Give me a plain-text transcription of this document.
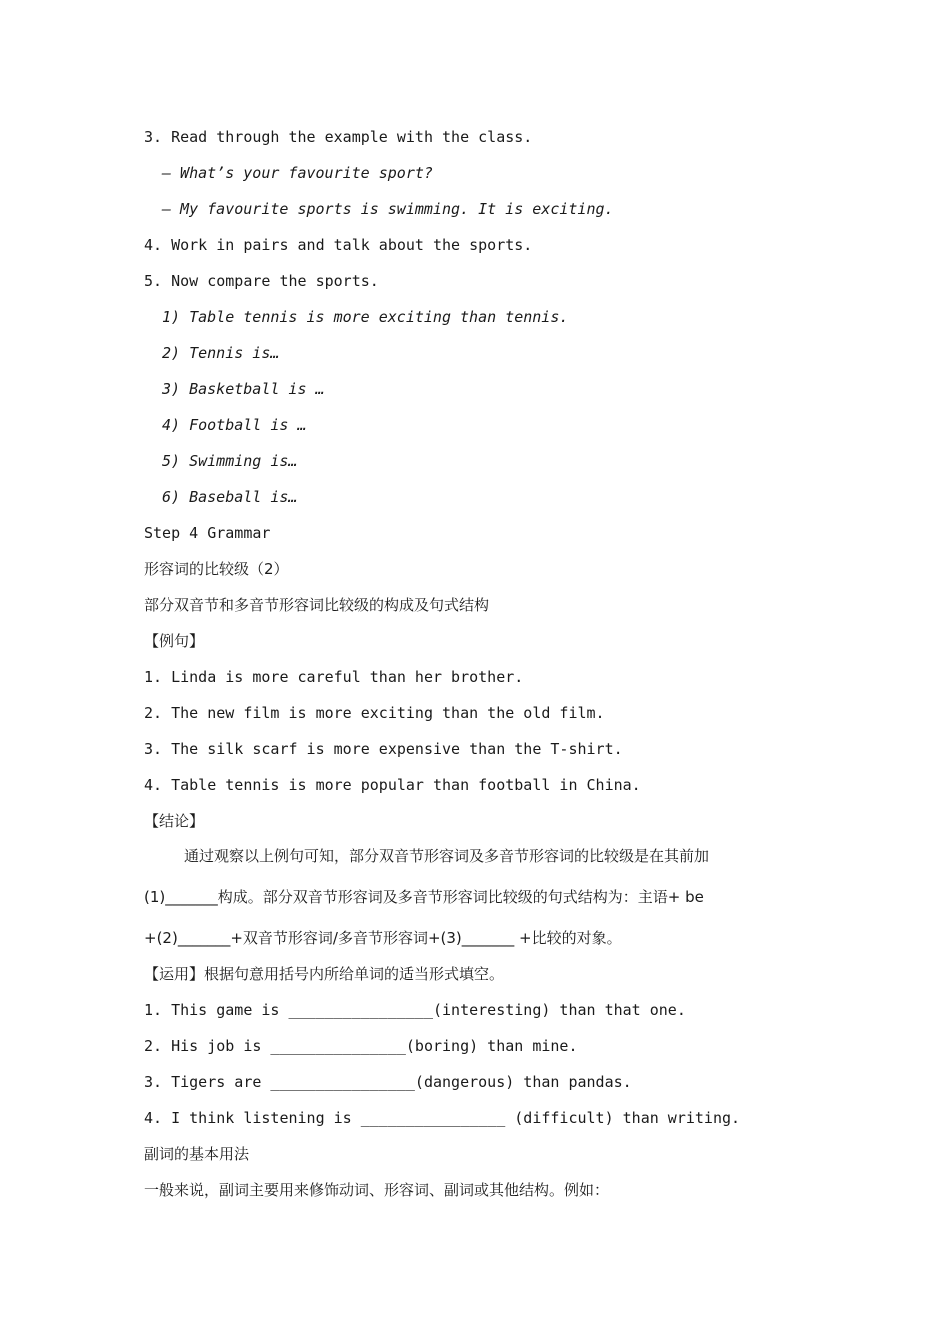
3. Read through the example with the class.
— What’s your favourite sport?
— My favourite sports is swimming. It is exciting.
4. Work in pairs and talk about the sports.
5. Now compare the sports.
1) Table tennis is more exciting than tennis.
2) Tennis is…
3) Basketball is …
4) Football is …
5) Swimming is…
6) Baseball is…
Step 4 Grammar
形容词的比较级（2）
部分双音节和多音节形容词比较级的构成及句式结构
【例句】
1. Linda is more careful than her brother.
2. The new film is more exciting than the old film.
3. The silk scarf is more expensive than the T-shirt.
4. Table tennis is more popular than football in China.
【结论】
通过观察以上例句可知，部分双音节形容词及多音节形容词的比较级是在其前加
(1)_______构成。部分双音节形容词及多音节形容词比较级的句式结构为：主语+ be
+(2)_______+双音节形容词/多音节形容词+(3)_______ +比较的对象。
【运用】根据句意用括号内所给单词的适当形式填空。
1. This game is ________________(interesting) than that one.
2. His job is _______________(boring) than mine.
3. Tigers are ________________(dangerous) than pandas.
4. I think listening is ________________ (difficult) than writing.
副词的基本用法
一般来说，副词主要用来修饰动词、形容词、副词或其他结构。例如：
